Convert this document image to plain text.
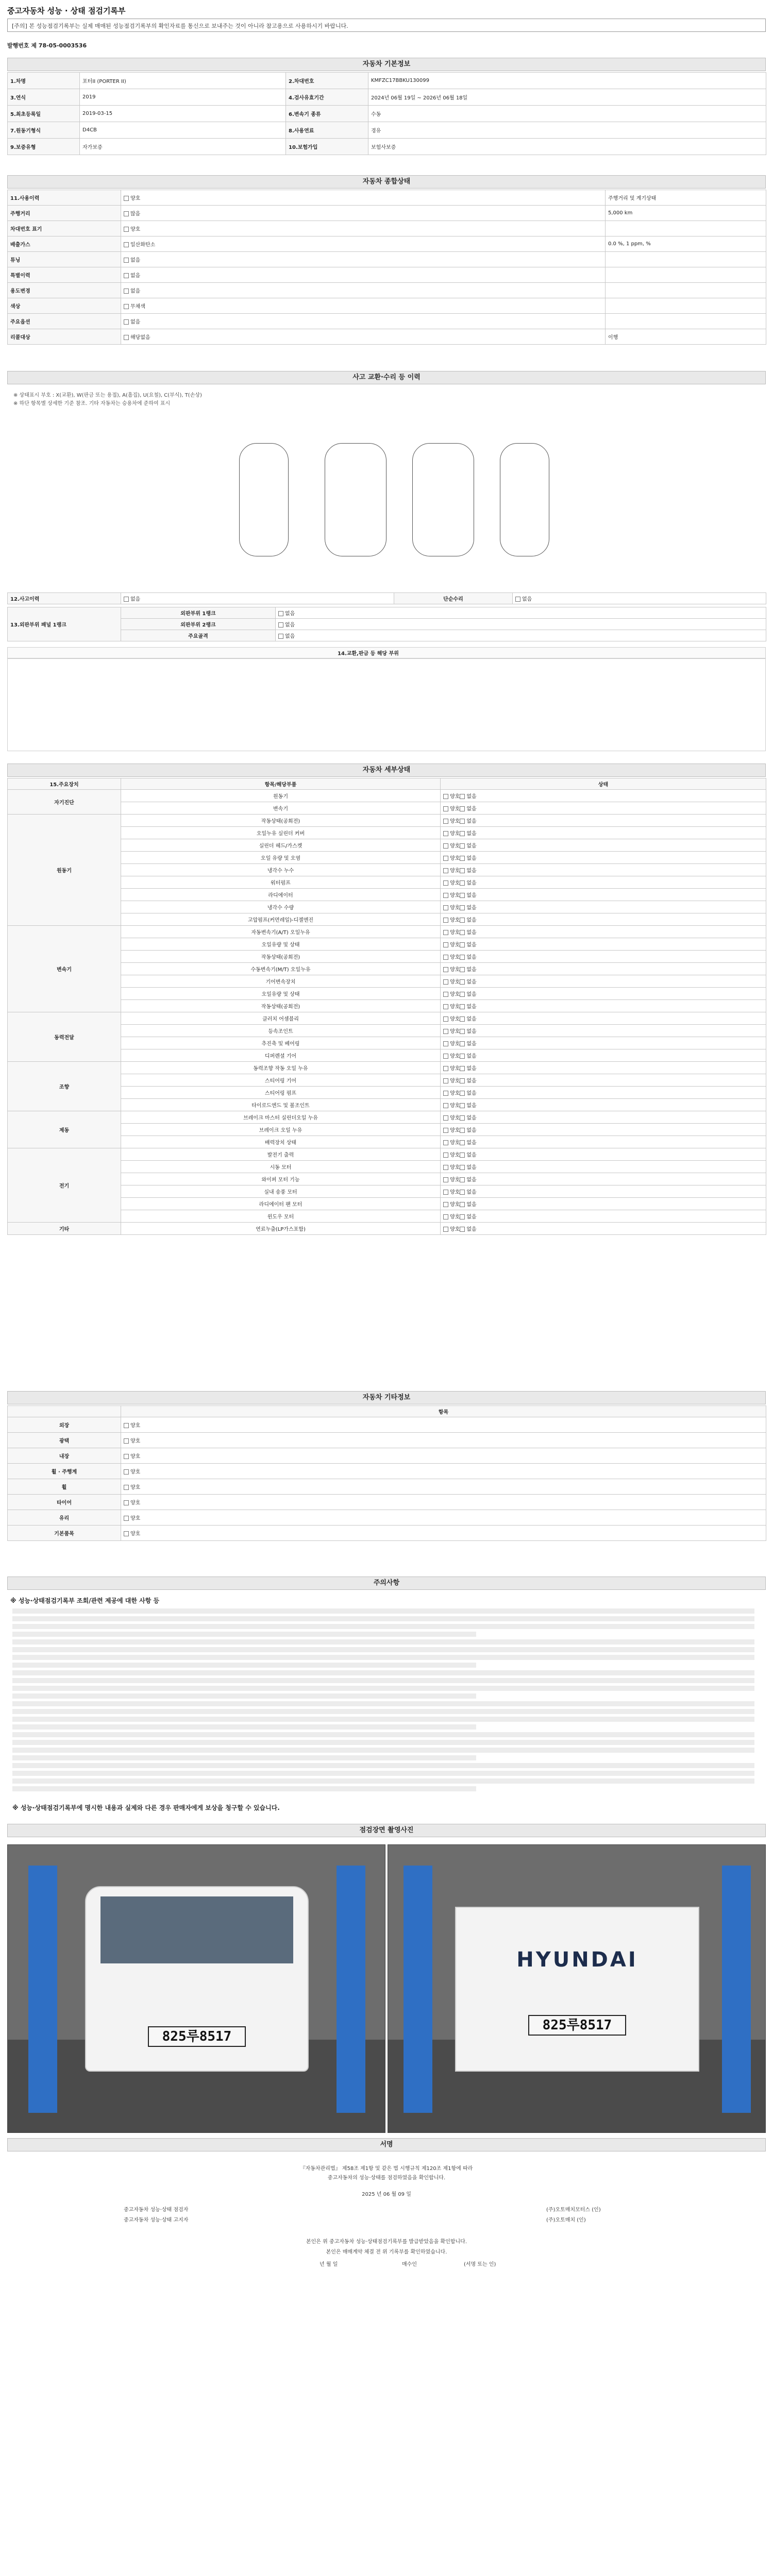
중고자동차 성능 · 상태 점검기록부
[주의] 본 성능점검기록부는 실제 매매된 성능점검기록부의 확인자료를 통신으로 보내주는 것이 아니라 참고용으로 사용하시기 바랍니다.
발행번호 제 78-05-0003536
자동차 기본정보
1.차명	포터II (PORTER II)	2.차대번호	KMFZC17BBKU130099
3.연식	2019	4.검사유효기간	2024년 06월 19일 ~ 2026년 06월 18일
5.최초등록일	2019-03-15	6.변속기 종류	수동
7.원동기형식	D4CB	8.사용연료	경유
9.보증유형	자가보증	10.보험가입	보험사보증
자동차 종합상태
11.사용이력	양호	주행거리 및 계기상태
주행거리	많음	5,000 km
차대번호 표기	양호	
배출가스	일산화탄소	0.0 %, 1 ppm, %
튜닝	없음	
특별이력	없음	
용도변경	없음	
색상	무채색	
주요옵션	없음	
리콜대상	해당없음	이행
사고 교환·수리 등 이력
※ 상태표시 부호 : X(교환), W(판금 또는 용접), A(흠집), U(요철), C(부식), T(손상)
※ 하단 항목별 상세한 기준 참조. 기타 자동차는 승용차에 준하여 표시
12.사고이력	없음	단순수리	없음
13.외판부위 패널 1랭크	외판부위 1랭크	없음
	외판부위 2랭크	없음
	주요골격	없음
14.교환,판금 등 해당 부위
자동차 세부상태
15.주요장치	항목/해당부품	상태
자기진단	원동기	양호 없음
	변속기	양호 없음
원동기	작동상태(공회전)	양호 없음
	오일누유 실린더 커버	양호 없음
	실린더 헤드/가스켓	양호 없음
	오일 유량 및 오염	양호 없음
	냉각수 누수	양호 없음
	워터펌프	양호 없음
	라디에이터	양호 없음
	냉각수 수량	양호 없음
	고압펌프(커먼레일)-디젤엔진	양호 없음
변속기	자동변속기(A/T) 오일누유	양호 없음
	오일유량 및 상태	양호 없음
	작동상태(공회전)	양호 없음
	수동변속기(M/T) 오일누유	양호 없음
	기어변속장치	양호 없음
	오일유량 및 상태	양호 없음
	작동상태(공회전)	양호 없음
동력전달	클러치 어셈블리	양호 없음
	등속조인트	양호 없음
	추진축 및 베어링	양호 없음
	디퍼렌셜 기어	양호 없음
조향	동력조향 작동 오일 누유	양호 없음
	스티어링 기어	양호 없음
	스티어링 펌프	양호 없음
	타이로드엔드 및 볼조인트	양호 없음
제동	브레이크 마스터 실린더오일 누유	양호 없음
	브레이크 오일 누유	양호 없음
	배력장치 상태	양호 없음
전기	발전기 출력	양호 없음
	시동 모터	양호 없음
	와이퍼 모터 기능	양호 없음
	실내 송풍 모터	양호 없음
	라디에이터 팬 모터	양호 없음
	윈도우 모터	양호 없음
기타	연료누출(LP가스포함)	양호 없음
자동차 기타정보
	항목
외장	양호
광택	양호
내장	양호
휠 · 주행계	양호
휠	양호
타이어	양호
유리	양호
기본품목	양호
주의사항
※ 성능·상태점검기록부 조회/관련 제공에 대한 사항 등
※ 성능·상태점검기록부에 명시한 내용과 실제와 다른 경우 판매자에게 보상을 청구할 수 있습니다.
점검장면 촬영사진
825루8517
HYUNDAI
825루8517
서명
『자동차관리법』 제58조 제1항 및 같은 법 시행규칙 제120조 제1항에 따라
중고자동차의 성능·상태를 점검하였음을 확인합니다.
2025 년 06 월 09 일
중고자동차 성능·상태 점검자	(주)오토매치모터스 (인)
중고자동차 성능·상태 고지자	(주)오토매치 (인)
본인은 위 중고자동차 성능·상태점검기록부를 발급받았음을 확인합니다.
본인은 매매계약 체결 전 위 기록부를 확인하였습니다.
년 월 일	매수인	(서명 또는 인)
